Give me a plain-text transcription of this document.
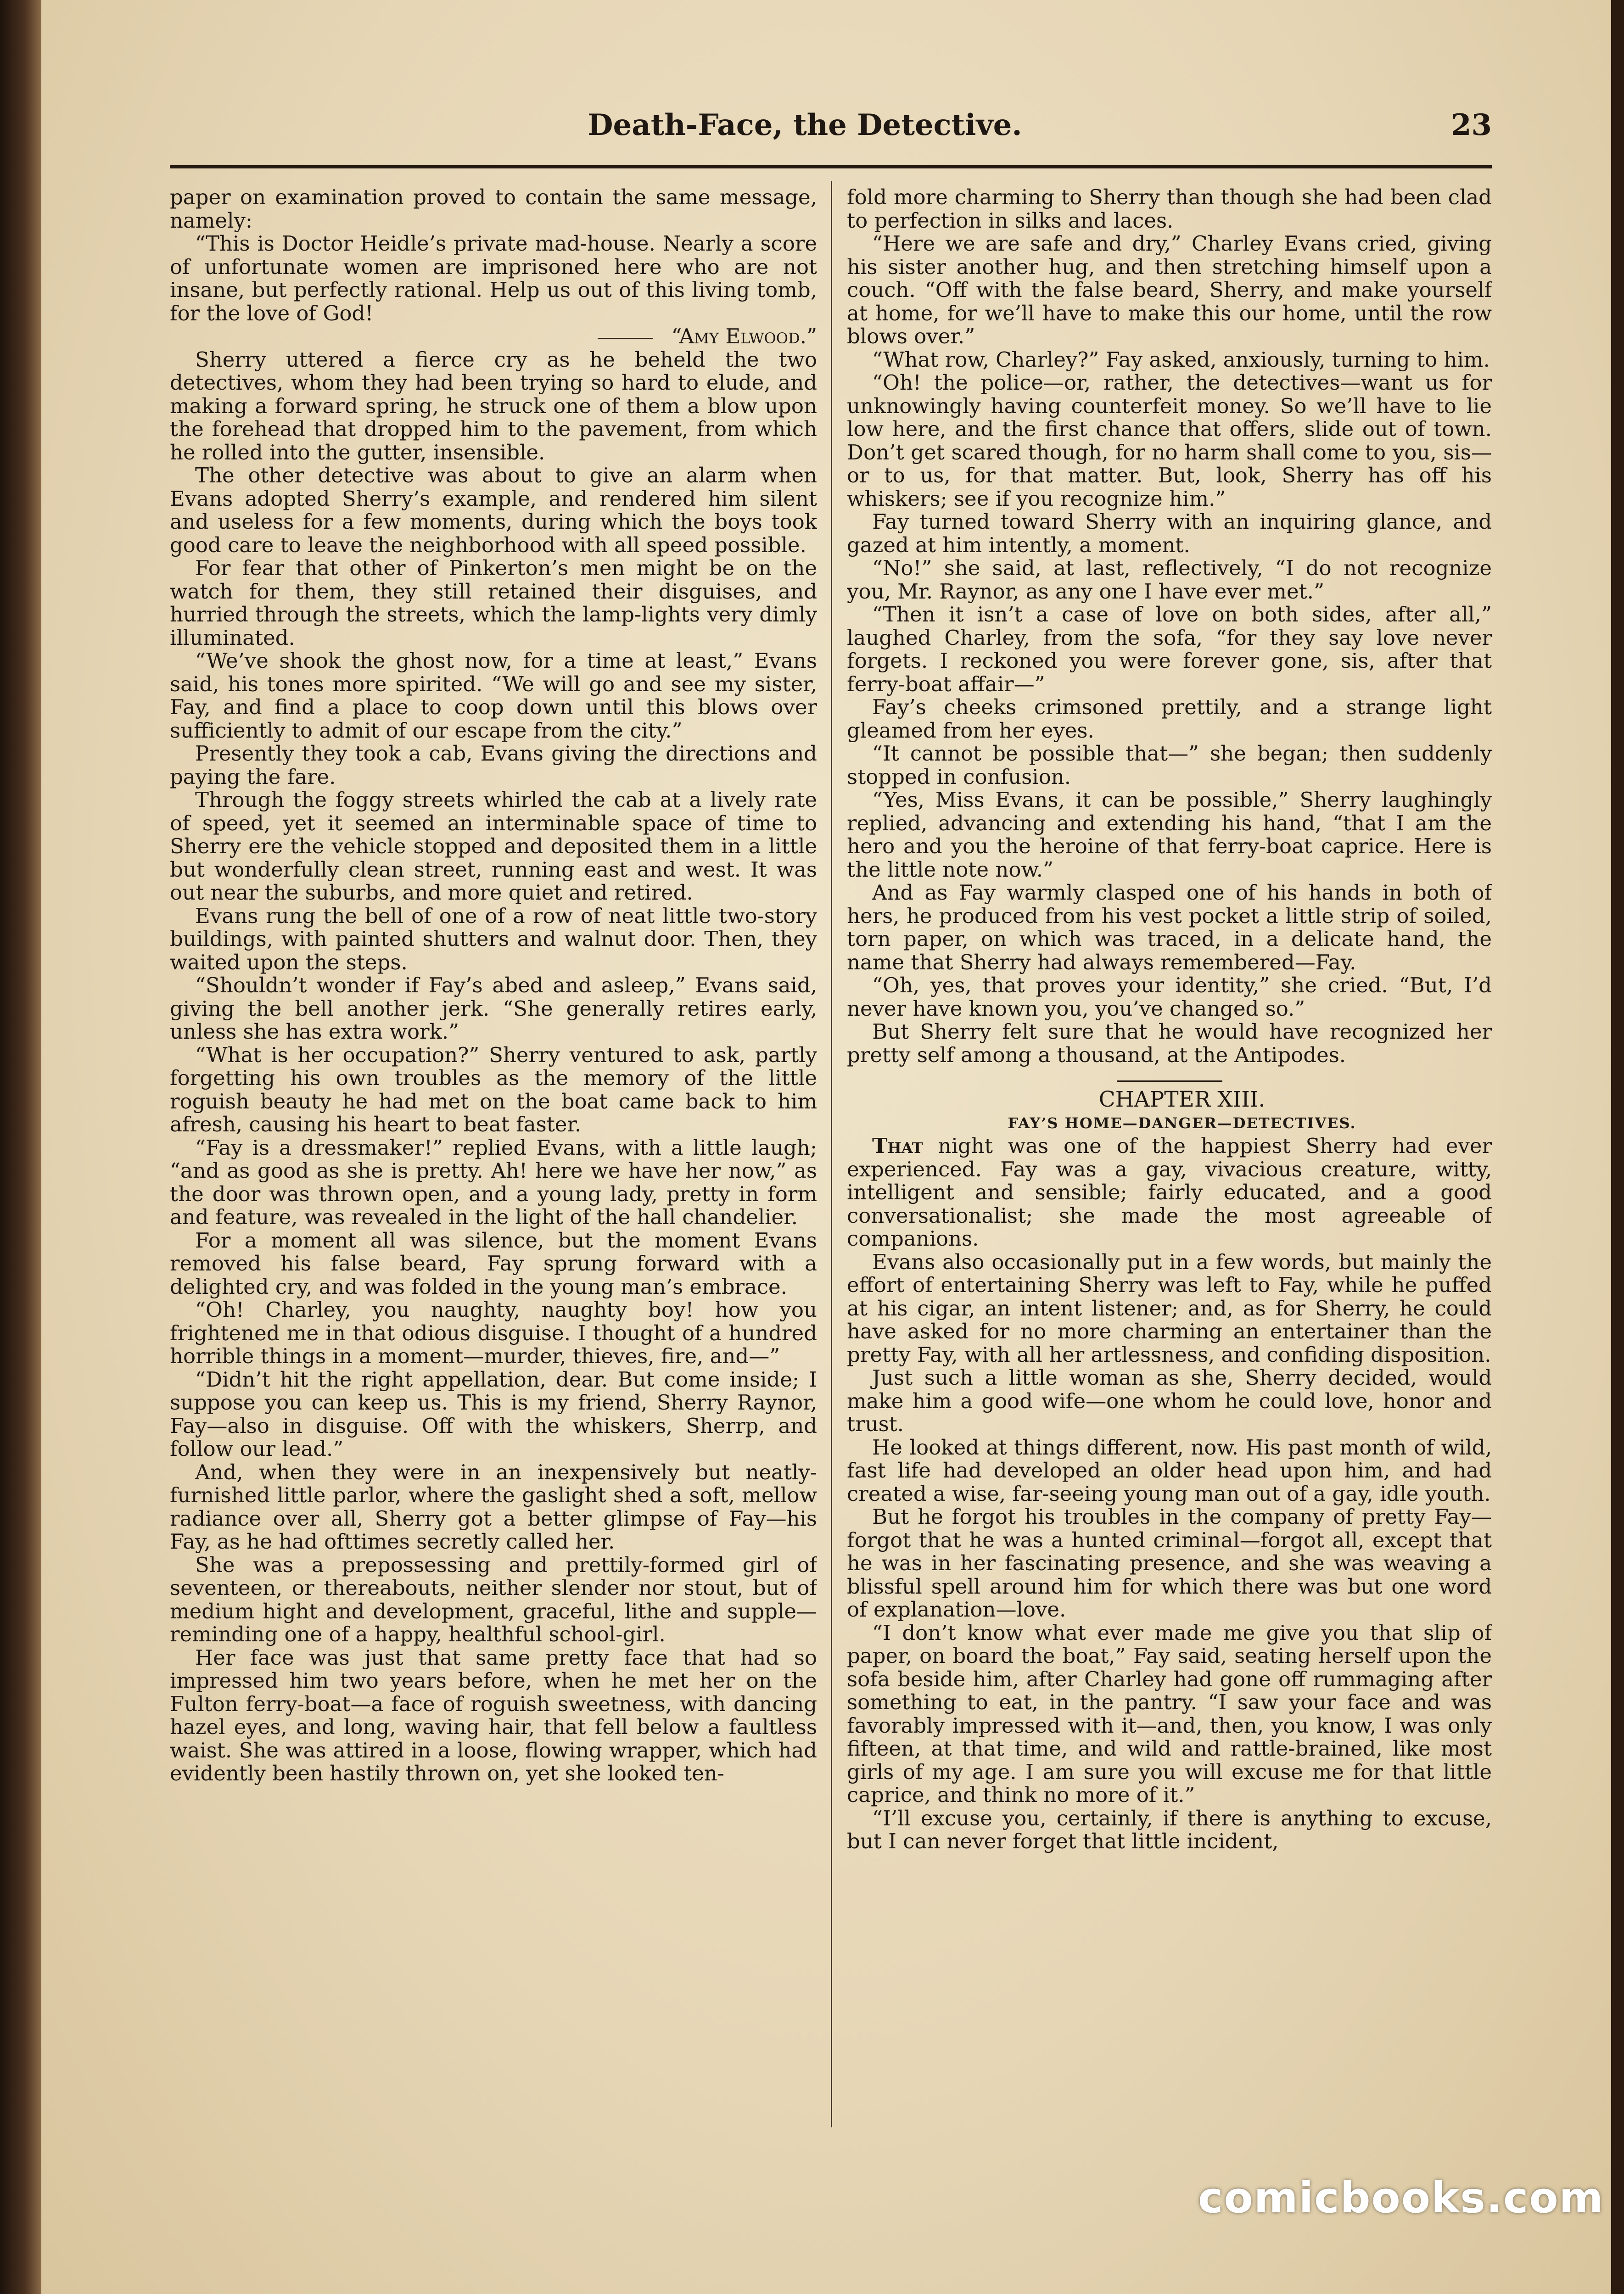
Death-Face, the Detective.	23

paper on examination proved to contain the same message, namely:

“This is Doctor Heidle’s private mad-house. Nearly a score of unfortunate women are imprisoned here who are not insane, but perfectly rational. Help us out of this living tomb, for the love of God!

“Amy Elwood.”

Sherry uttered a fierce cry as he beheld the two detectives, whom they had been trying so hard to elude, and making a forward spring, he struck one of them a blow upon the forehead that dropped him to the pavement, from which he rolled into the gutter, insensible.

The other detective was about to give an alarm when Evans adopted Sherry’s example, and rendered him silent and useless for a few moments, during which the boys took good care to leave the neighborhood with all speed possible.

For fear that other of Pinkerton’s men might be on the watch for them, they still retained their disguises, and hurried through the streets, which the lamp-lights very dimly illuminated.

“We’ve shook the ghost now, for a time at least,” Evans said, his tones more spirited. “We will go and see my sister, Fay, and find a place to coop down until this blows over sufficiently to admit of our escape from the city.”

Presently they took a cab, Evans giving the directions and paying the fare.

Through the foggy streets whirled the cab at a lively rate of speed, yet it seemed an interminable space of time to Sherry ere the vehicle stopped and deposited them in a little but wonderfully clean street, running east and west. It was out near the suburbs, and more quiet and retired.

Evans rung the bell of one of a row of neat little two-story buildings, with painted shutters and walnut door. Then, they waited upon the steps.

“Shouldn’t wonder if Fay’s abed and asleep,” Evans said, giving the bell another jerk. “She generally retires early, unless she has extra work.”

“What is her occupation?” Sherry ventured to ask, partly forgetting his own troubles as the memory of the little roguish beauty he had met on the boat came back to him afresh, causing his heart to beat faster.

“Fay is a dressmaker!” replied Evans, with a little laugh; “and as good as she is pretty. Ah! here we have her now,” as the door was thrown open, and a young lady, pretty in form and feature, was revealed in the light of the hall chandelier.

For a moment all was silence, but the moment Evans removed his false beard, Fay sprung forward with a delighted cry, and was folded in the young man’s embrace.

“Oh! Charley, you naughty, naughty boy! how you frightened me in that odious disguise. I thought of a hundred horrible things in a moment—murder, thieves, fire, and—”

“Didn’t hit the right appellation, dear. But come inside; I suppose you can keep us. This is my friend, Sherry Raynor, Fay—also in disguise. Off with the whiskers, Sherrp, and follow our lead.”

And, when they were in an inexpensively but neatly-furnished little parlor, where the gaslight shed a soft, mellow radiance over all, Sherry got a better glimpse of Fay—his Fay, as he had ofttimes secretly called her.

She was a prepossessing and prettily-formed girl of seventeen, or thereabouts, neither slender nor stout, but of medium hight and development, graceful, lithe and supple—reminding one of a happy, healthful school-girl.

Her face was just that same pretty face that had so impressed him two years before, when he met her on the Fulton ferry-boat—a face of roguish sweetness, with dancing hazel eyes, and long, waving hair, that fell below a faultless waist. She was attired in a loose, flowing wrapper, which had evidently been hastily thrown on, yet she looked ten-

fold more charming to Sherry than though she had been clad to perfection in silks and laces.

“Here we are safe and dry,” Charley Evans cried, giving his sister another hug, and then stretching himself upon a couch. “Off with the false beard, Sherry, and make yourself at home, for we’ll have to make this our home, until the row blows over.”

“What row, Charley?” Fay asked, anxiously, turning to him.

“Oh! the police—or, rather, the detectives—want us for unknowingly having counterfeit money. So we’ll have to lie low here, and the first chance that offers, slide out of town. Don’t get scared though, for no harm shall come to you, sis—or to us, for that matter. But, look, Sherry has off his whiskers; see if you recognize him.”

Fay turned toward Sherry with an inquiring glance, and gazed at him intently, a moment.

“No!” she said, at last, reflectively, “I do not recognize you, Mr. Raynor, as any one I have ever met.”

“Then it isn’t a case of love on both sides, after all,” laughed Charley, from the sofa, “for they say love never forgets. I reckoned you were forever gone, sis, after that ferry-boat affair—”

Fay’s cheeks crimsoned prettily, and a strange light gleamed from her eyes.

“It cannot be possible that—” she began; then suddenly stopped in confusion.

“Yes, Miss Evans, it can be possible,” Sherry laughingly replied, advancing and extending his hand, “that I am the hero and you the heroine of that ferry-boat caprice. Here is the little note now.”

And as Fay warmly clasped one of his hands in both of hers, he produced from his vest pocket a little strip of soiled, torn paper, on which was traced, in a delicate hand, the name that Sherry had always remembered—Fay.

“Oh, yes, that proves your identity,” she cried. “But, I’d never have known you, you’ve changed so.”

But Sherry felt sure that he would have recognized her pretty self among a thousand, at the Antipodes.

CHAPTER XIII.

FAY’S HOME—DANGER—DETECTIVES.

That night was one of the happiest Sherry had ever experienced. Fay was a gay, vivacious creature, witty, intelligent and sensible; fairly educated, and a good conversationalist; she made the most agreeable of companions.

Evans also occasionally put in a few words, but mainly the effort of entertaining Sherry was left to Fay, while he puffed at his cigar, an intent listener; and, as for Sherry, he could have asked for no more charming an entertainer than the pretty Fay, with all her artlessness, and confiding disposition.

Just such a little woman as she, Sherry decided, would make him a good wife—one whom he could love, honor and trust.

He looked at things different, now. His past month of wild, fast life had developed an older head upon him, and had created a wise, far-seeing young man out of a gay, idle youth.

But he forgot his troubles in the company of pretty Fay—forgot that he was a hunted criminal—forgot all, except that he was in her fascinating presence, and she was weaving a blissful spell around him for which there was but one word of explanation—love.

“I don’t know what ever made me give you that slip of paper, on board the boat,” Fay said, seating herself upon the sofa beside him, after Charley had gone off rummaging after something to eat, in the pantry. “I saw your face and was favorably impressed with it—and, then, you know, I was only fifteen, at that time, and wild and rattle-brained, like most girls of my age. I am sure you will excuse me for that little caprice, and think no more of it.”

“I’ll excuse you, certainly, if there is anything to excuse, but I can never forget that little incident,

comicbooks.com
